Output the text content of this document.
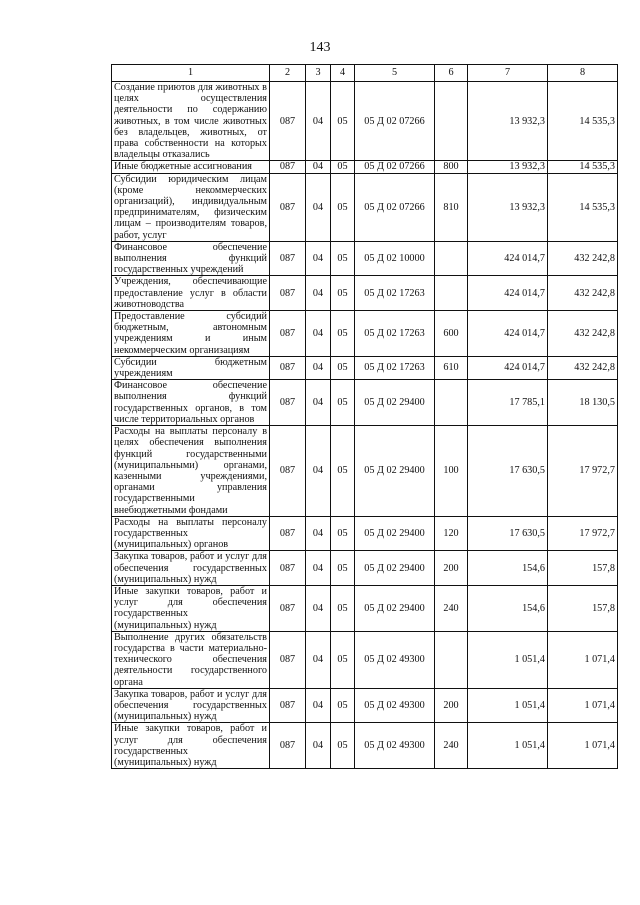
143
1	2	3	4	5	6	7	8
Создание приютов для животных в целях осуществления деятельности по содержанию животных, в том числе животных без владельцев, животных, от права собственности на которых владельцы отказались	087	04	05	05 Д 02 07266		13 932,3	14 535,3
Иные бюджетные ассигнования	087	04	05	05 Д 02 07266	800	13 932,3	14 535,3
Субсидии юридическим лицам (кроме некоммерческих организаций), индивидуальным предпринимателям, физическим лицам – производителям товаров, работ, услуг	087	04	05	05 Д 02 07266	810	13 932,3	14 535,3
Финансовое обеспечение выполнения функций государственных учреждений	087	04	05	05 Д 02 10000		424 014,7	432 242,8
Учреждения, обеспечивающие предоставление услуг в области животноводства	087	04	05	05 Д 02 17263		424 014,7	432 242,8
Предоставление субсидий бюджетным, автономным учреждениям и иным некоммерческим организациям	087	04	05	05 Д 02 17263	600	424 014,7	432 242,8
Субсидии бюджетным учреждениям	087	04	05	05 Д 02 17263	610	424 014,7	432 242,8
Финансовое обеспечение выполнения функций государственных органов, в том числе территориальных органов	087	04	05	05 Д 02 29400		17 785,1	18 130,5
Расходы на выплаты персоналу в целях обеспечения выполнения функций государственными (муниципальными) органами, казенными учреждениями, органами управления государственными внебюджетными фондами	087	04	05	05 Д 02 29400	100	17 630,5	17 972,7
Расходы на выплаты персоналу государственных (муниципальных) органов	087	04	05	05 Д 02 29400	120	17 630,5	17 972,7
Закупка товаров, работ и услуг для обеспечения государственных (муниципальных) нужд	087	04	05	05 Д 02 29400	200	154,6	157,8
Иные закупки товаров, работ и услуг для обеспечения государственных (муниципальных) нужд	087	04	05	05 Д 02 29400	240	154,6	157,8
Выполнение других обязательств государства в части материально-технического обеспечения деятельности государственного органа	087	04	05	05 Д 02 49300		1 051,4	1 071,4
Закупка товаров, работ и услуг для обеспечения государственных (муниципальных) нужд	087	04	05	05 Д 02 49300	200	1 051,4	1 071,4
Иные закупки товаров, работ и услуг для обеспечения государственных (муниципальных) нужд	087	04	05	05 Д 02 49300	240	1 051,4	1 071,4
